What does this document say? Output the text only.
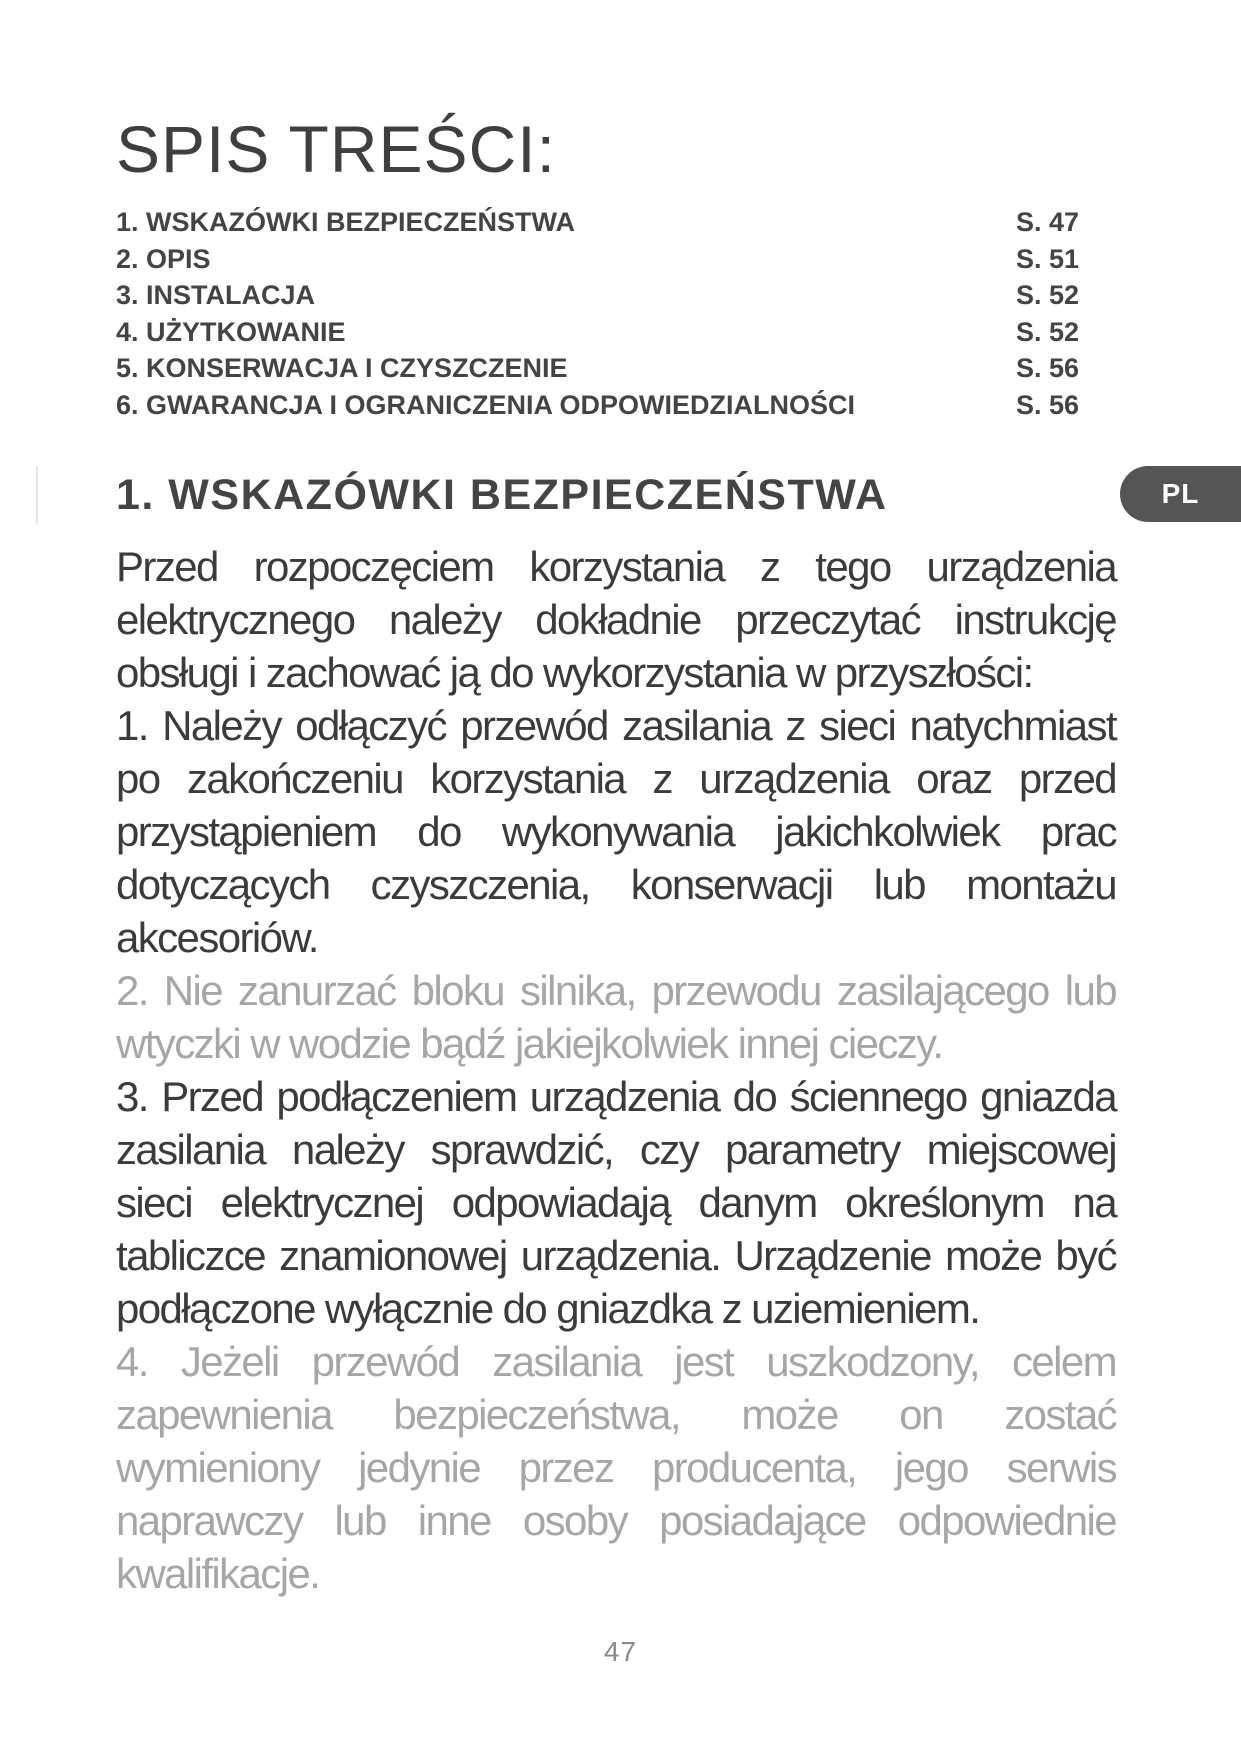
SPIS TREŚCI:
1. WSKAZÓWKI BEZPIECZEŃSTWA	S. 47
2. OPIS	S. 51
3. INSTALACJA	S. 52
4. UŻYTKOWANIE	S. 52
5. KONSERWACJA I CZYSZCZENIE	S. 56
6. GWARANCJA I OGRANICZENIA ODPOWIEDZIALNOŚCI	S. 56
PL
1. WSKAZÓWKI BEZPIECZEŃSTWA

Przed rozpoczęciem korzystania z tego urządzenia elektrycznego należy dokładnie przeczytać instrukcję obsługi i zachować ją do wykorzystania w przyszłości:

1. Należy odłączyć przewód zasilania z sieci natychmiast po zakończeniu korzystania z urządzenia oraz przed przystąpieniem do wykonywania jakichkolwiek prac dotyczących czyszczenia, konserwacji lub montażu akcesoriów.

2. Nie zanurzać bloku silnika, przewodu zasilającego lub wtyczki w wodzie bądź jakiejkolwiek innej cieczy.

3. Przed podłączeniem urządzenia do ściennego gniazda zasilania należy sprawdzić, czy parametry miejscowej sieci elektrycznej odpowiadają danym określonym na tabliczce znamionowej urządzenia. Urządzenie może być podłączone wyłącznie do gniazdka z uziemieniem.

4. Jeżeli przewód zasilania jest uszkodzony, celem zapewnienia bezpieczeństwa, może on zostać wymieniony jedynie przez producenta, jego serwis naprawczy lub inne osoby posiadające odpowiednie kwalifikacje.

47
